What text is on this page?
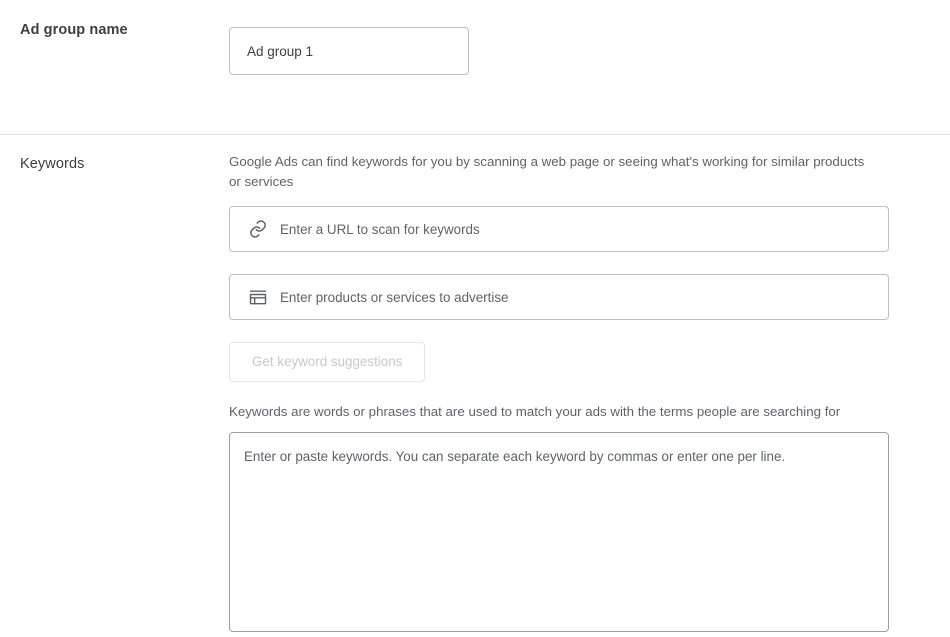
Ad group name
Ad group 1
Keywords	Google Ads can find keywords for you by scanning a web page or seeing what's working for similar products or services

Enter a URL to scan for keywords
Enter products or services to advertise
Get keyword suggestions

Keywords are words or phrases that are used to match your ads with the terms people are searching for

Enter or paste keywords. You can separate each keyword by commas or enter one per line.
